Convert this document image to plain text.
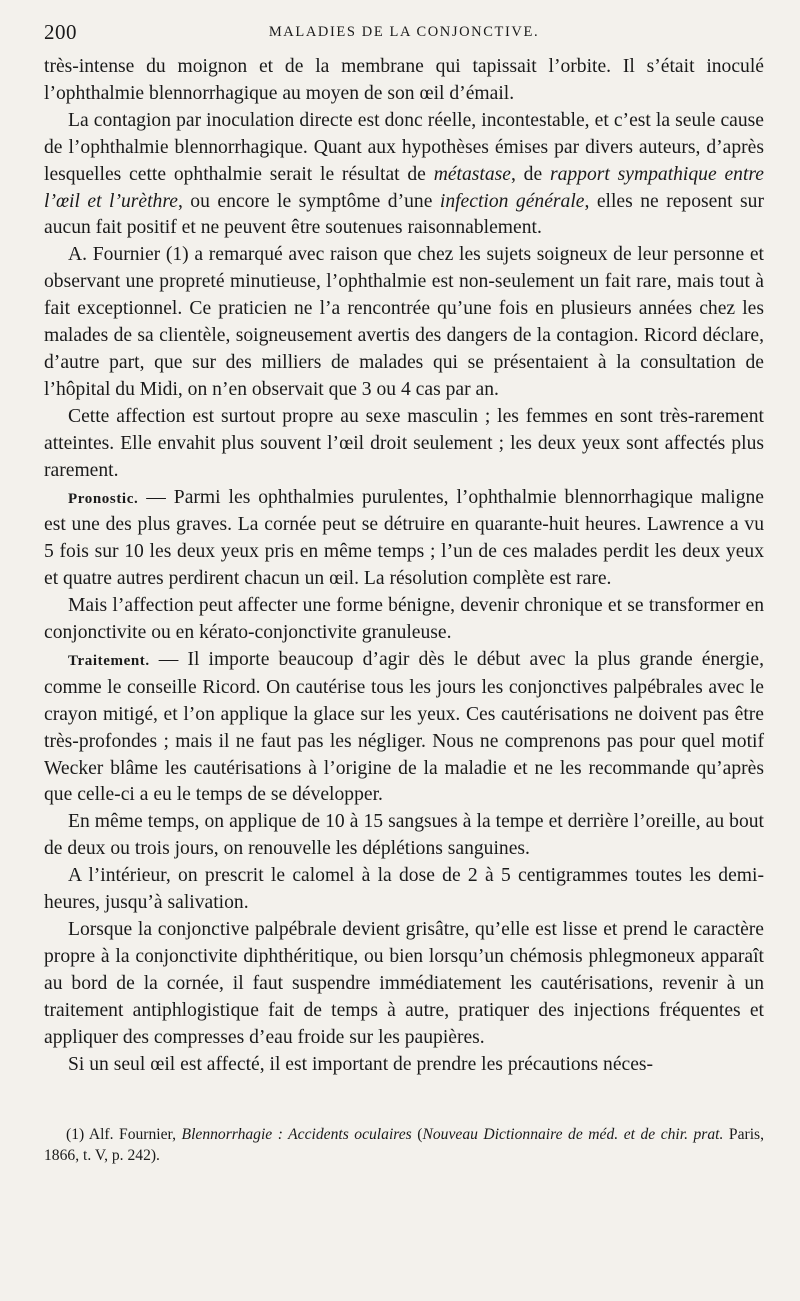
200	MALADIES DE LA CONJONCTIVE.

très-intense du moignon et de la membrane qui tapissait l’orbite. Il s’était inoculé l’ophthalmie blennorrhagique au moyen de son œil d’émail.

La contagion par inoculation directe est donc réelle, incontestable, et c’est la seule cause de l’ophthalmie blennorrhagique. Quant aux hypothèses émises par divers auteurs, d’après lesquelles cette ophthalmie serait le résultat de métastase, de rapport sympathique entre l’œil et l’urèthre, ou encore le symptôme d’une infection générale, elles ne reposent sur aucun fait positif et ne peuvent être soutenues raisonnablement.

A. Fournier (1) a remarqué avec raison que chez les sujets soigneux de leur personne et observant une propreté minutieuse, l’ophthalmie est non-seulement un fait rare, mais tout à fait exceptionnel. Ce praticien ne l’a rencontrée qu’une fois en plusieurs années chez les malades de sa clientèle, soigneusement avertis des dangers de la contagion. Ricord déclare, d’autre part, que sur des milliers de malades qui se présentaient à la consultation de l’hôpital du Midi, on n’en observait que 3 ou 4 cas par an.

Cette affection est surtout propre au sexe masculin ; les femmes en sont très-rarement atteintes. Elle envahit plus souvent l’œil droit seulement ; les deux yeux sont affectés plus rarement.

Pronostic. — Parmi les ophthalmies purulentes, l’ophthalmie blennorrhagique maligne est une des plus graves. La cornée peut se détruire en quarante-huit heures. Lawrence a vu 5 fois sur 10 les deux yeux pris en même temps ; l’un de ces malades perdit les deux yeux et quatre autres perdirent chacun un œil. La résolution complète est rare.

Mais l’affection peut affecter une forme bénigne, devenir chronique et se transformer en conjonctivite ou en kérato-conjonctivite granuleuse.

Traitement. — Il importe beaucoup d’agir dès le début avec la plus grande énergie, comme le conseille Ricord. On cautérise tous les jours les conjonctives palpébrales avec le crayon mitigé, et l’on applique la glace sur les yeux. Ces cautérisations ne doivent pas être très-profondes ; mais il ne faut pas les négliger. Nous ne comprenons pas pour quel motif Wecker blâme les cautérisations à l’origine de la maladie et ne les recommande qu’après que celle-ci a eu le temps de se développer.

En même temps, on applique de 10 à 15 sangsues à la tempe et derrière l’oreille, au bout de deux ou trois jours, on renouvelle les déplétions sanguines.

A l’intérieur, on prescrit le calomel à la dose de 2 à 5 centigrammes toutes les demi-heures, jusqu’à salivation.

Lorsque la conjonctive palpébrale devient grisâtre, qu’elle est lisse et prend le caractère propre à la conjonctivite diphthéritique, ou bien lorsqu’un chémosis phlegmoneux apparaît au bord de la cornée, il faut suspendre immédiatement les cautérisations, revenir à un traitement antiphlogistique fait de temps à autre, pratiquer des injections fréquentes et appliquer des compresses d’eau froide sur les paupières.

Si un seul œil est affecté, il est important de prendre les précautions néces-

(1) Alf. Fournier, Blennorrhagie : Accidents oculaires (Nouveau Dictionnaire de méd. et de chir. prat. Paris, 1866, t. V, p. 242).
